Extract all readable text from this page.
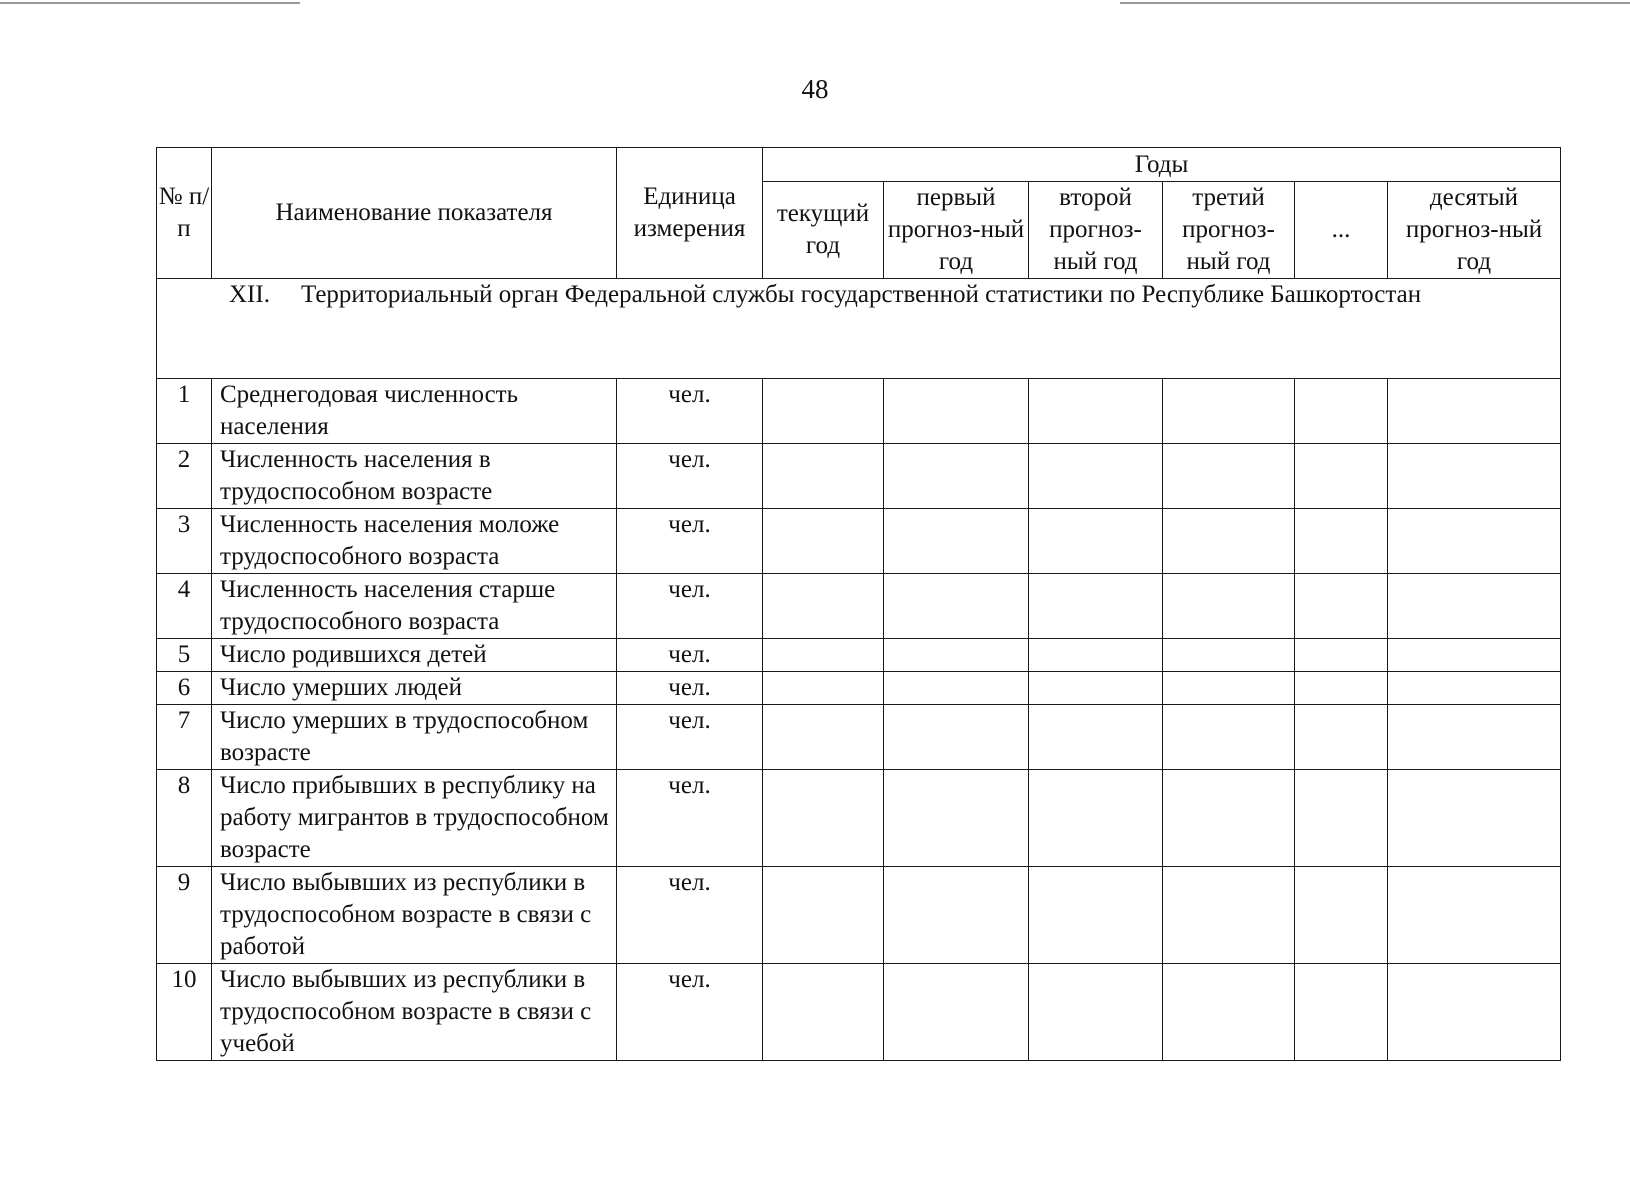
48
№ п/п	Наименование показателя	Единица измерения	Годы					
			текущий год	первый прогноз-ный год	второй прогноз-ный год	третий прогноз-ный год	...	десятый прогноз-ный год
XII. Территориальный орган Федеральной службы государственной статистики по Республике Башкортостан								
1	Среднегодовая численность населения	чел.						
2	Численность населения в трудоспособном возрасте	чел.						
3	Численность населения моложе трудоспособного возраста	чел.						
4	Численность населения старше трудоспособного возраста	чел.						
5	Число родившихся детей	чел.						
6	Число умерших людей	чел.						
7	Число умерших в трудоспособном возрасте	чел.						
8	Число прибывших в республику на работу мигрантов в трудоспособном возрасте	чел.						
9	Число выбывших из республики в трудоспособном возрасте в связи с работой	чел.						
10	Число выбывших из республики в трудоспособном возрасте в связи с учебой	чел.						
